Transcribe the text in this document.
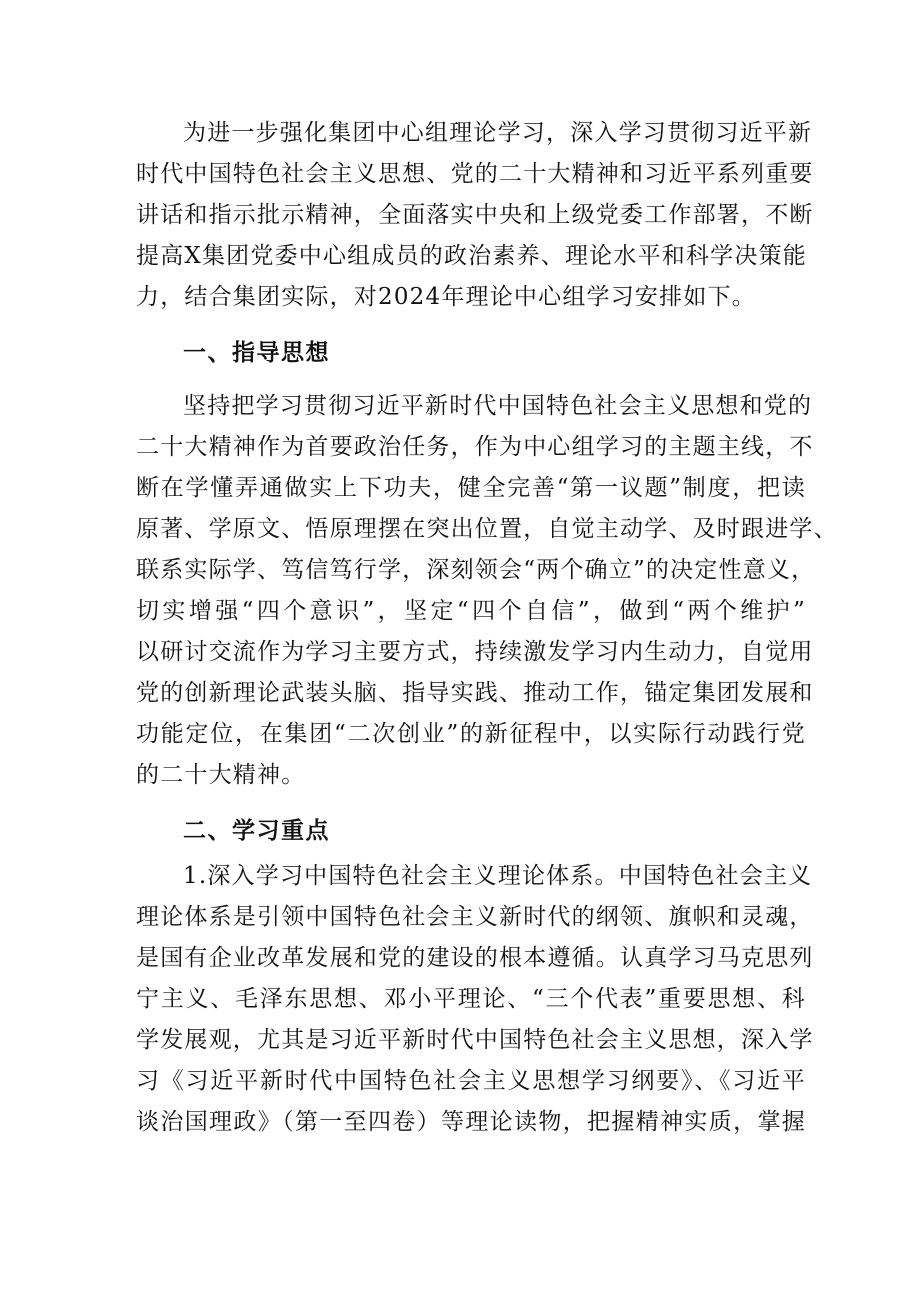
为进一步强化集团中心组理论学习，深入学习贯彻习近平新
时代中国特色社会主义思想、党的二十大精神和习近平系列重要
讲话和指示批示精神，全面落实中央和上级党委工作部署，不断
提高X集团党委中心组成员的政治素养、理论水平和科学决策能
力，结合集团实际，对2024年理论中心组学习安排如下。
一、指导思想
坚持把学习贯彻习近平新时代中国特色社会主义思想和党的
二十大精神作为首要政治任务，作为中心组学习的主题主线，不
断在学懂弄通做实上下功夫，健全完善“第一议题”制度，把读
原著、学原文、悟原理摆在突出位置，自觉主动学、及时跟进学、
联系实际学、笃信笃行学，深刻领会“两个确立”的决定性意义，
切实增强“四个意识”，坚定“四个自信”，做到“两个维护”
以研讨交流作为学习主要方式，持续激发学习内生动力，自觉用
党的创新理论武装头脑、指导实践、推动工作，锚定集团发展和
功能定位，在集团“二次创业”的新征程中，以实际行动践行党
的二十大精神。
二、学习重点
1.深入学习中国特色社会主义理论体系。中国特色社会主义
理论体系是引领中国特色社会主义新时代的纲领、旗帜和灵魂，
是国有企业改革发展和党的建设的根本遵循。认真学习马克思列
宁主义、毛泽东思想、邓小平理论、“三个代表”重要思想、科
学发展观，尤其是习近平新时代中国特色社会主义思想，深入学
习《习近平新时代中国特色社会主义思想学习纲要》、《习近平
谈治国理政》（第一至四卷）等理论读物，把握精神实质，掌握
